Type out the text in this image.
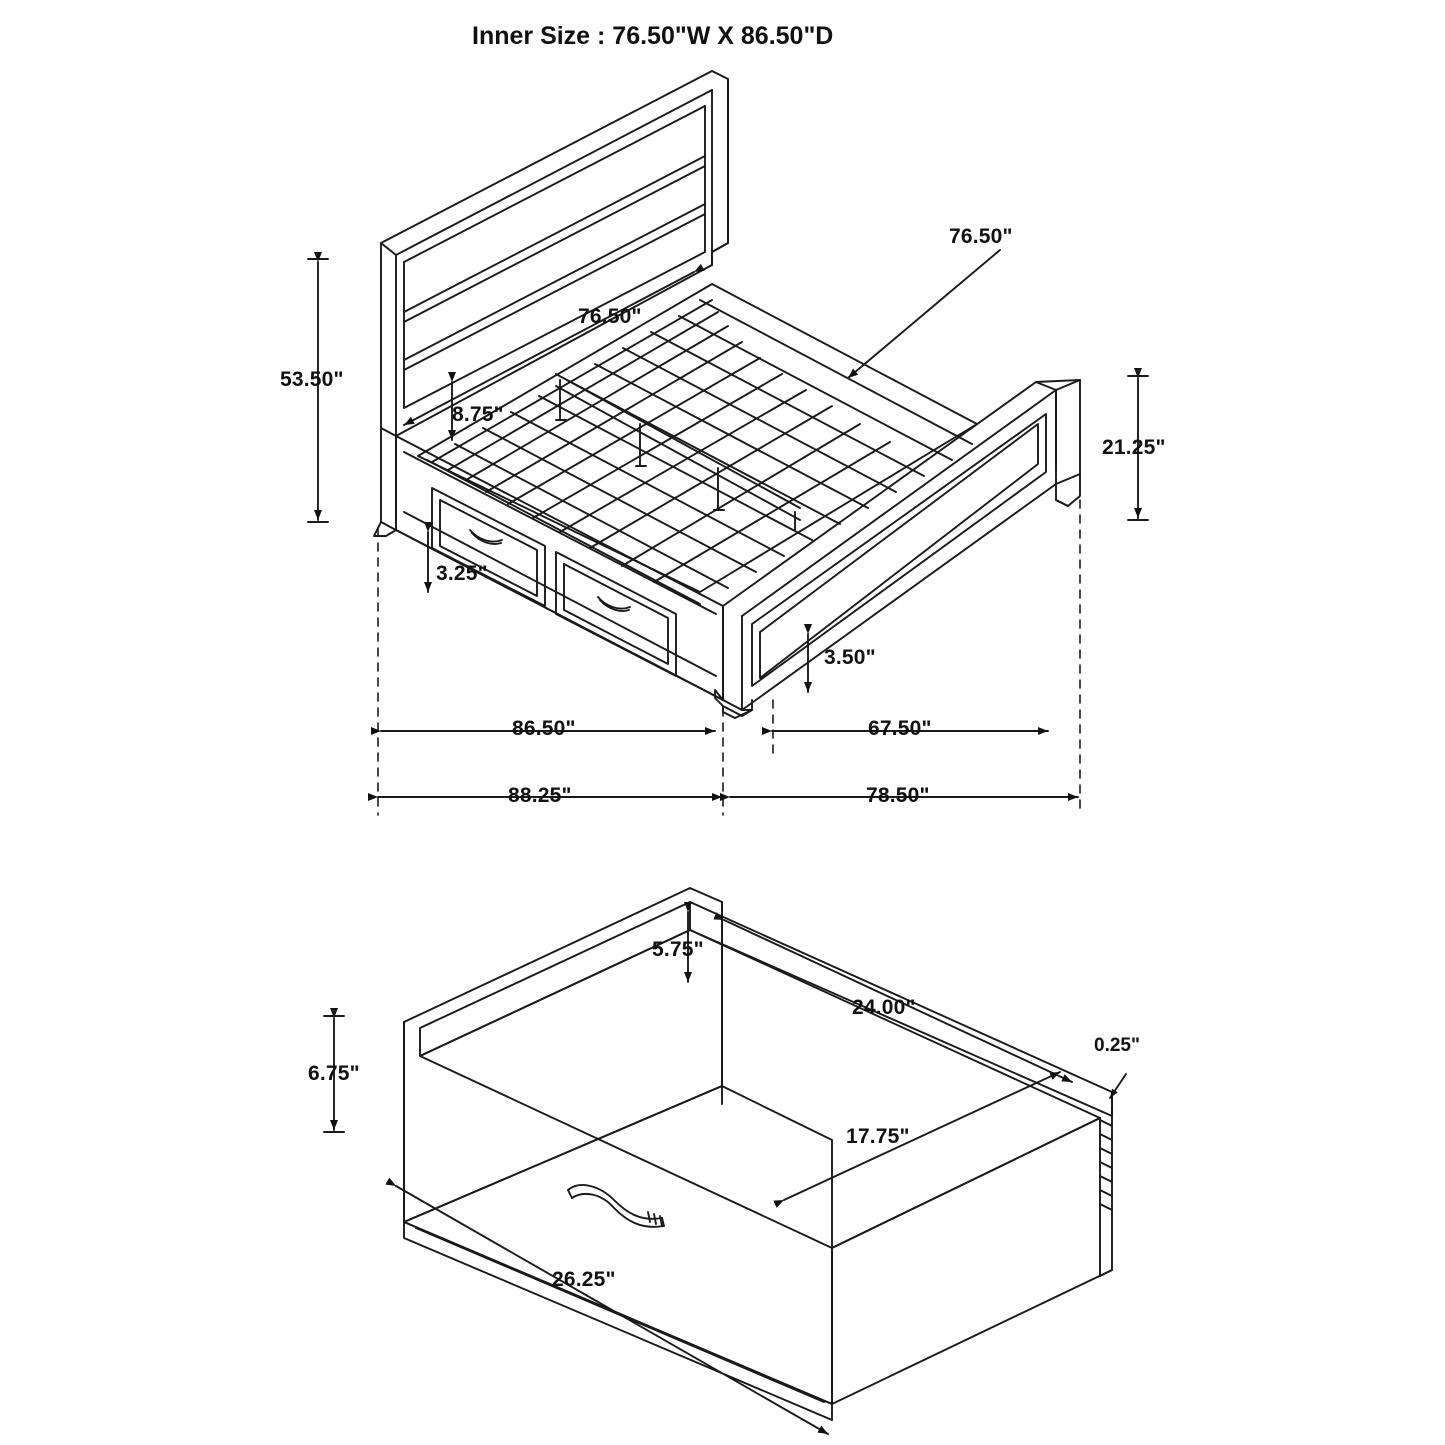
Inner Size : 76.50"W X 86.50"D
53.50"
76.50"
76.50"
8.75"
21.25"
3.25"
3.50"
86.50"	67.50"
88.25"	78.50"
5.75"
6.75"
24.00"
17.75"
0.25"
26.25"
